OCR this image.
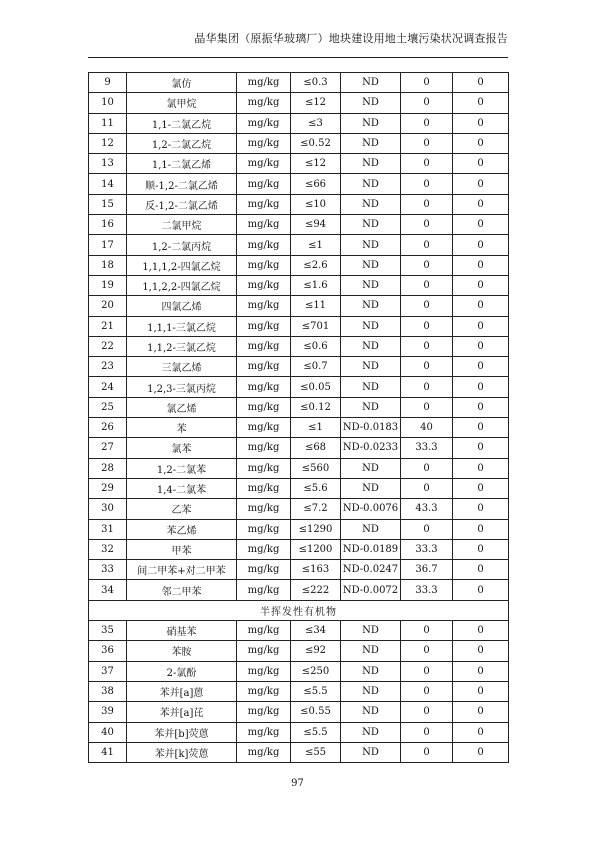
晶华集团（原振华玻璃厂）地块建设用地土壤污染状况调查报告
9	氯仿	mg/kg	≤0.3	ND	0	0
10	氯甲烷	mg/kg	≤12	ND	0	0
11	1,1-二氯乙烷	mg/kg	≤3	ND	0	0
12	1,2-二氯乙烷	mg/kg	≤0.52	ND	0	0
13	1,1-二氯乙烯	mg/kg	≤12	ND	0	0
14	顺-1,2-二氯乙烯	mg/kg	≤66	ND	0	0
15	反-1,2-二氯乙烯	mg/kg	≤10	ND	0	0
16	二氯甲烷	mg/kg	≤94	ND	0	0
17	1,2-二氯丙烷	mg/kg	≤1	ND	0	0
18	1,1,1,2-四氯乙烷	mg/kg	≤2.6	ND	0	0
19	1,1,2,2-四氯乙烷	mg/kg	≤1.6	ND	0	0
20	四氯乙烯	mg/kg	≤11	ND	0	0
21	1,1,1-三氯乙烷	mg/kg	≤701	ND	0	0
22	1,1,2-三氯乙烷	mg/kg	≤0.6	ND	0	0
23	三氯乙烯	mg/kg	≤0.7	ND	0	0
24	1,2,3-三氯丙烷	mg/kg	≤0.05	ND	0	0
25	氯乙烯	mg/kg	≤0.12	ND	0	0
26	苯	mg/kg	≤1	ND-0.0183	40	0
27	氯苯	mg/kg	≤68	ND-0.0233	33.3	0
28	1,2-二氯苯	mg/kg	≤560	ND	0	0
29	1,4-二氯苯	mg/kg	≤5.6	ND	0	0
30	乙苯	mg/kg	≤7.2	ND-0.0076	43.3	0
31	苯乙烯	mg/kg	≤1290	ND	0	0
32	甲苯	mg/kg	≤1200	ND-0.0189	33.3	0
33	间二甲苯+对二甲苯	mg/kg	≤163	ND-0.0247	36.7	0
34	邻二甲苯	mg/kg	≤222	ND-0.0072	33.3	0
半挥发性有机物						
35	硝基苯	mg/kg	≤34	ND	0	0
36	苯胺	mg/kg	≤92	ND	0	0
37	2-氯酚	mg/kg	≤250	ND	0	0
38	苯并[a]蒽	mg/kg	≤5.5	ND	0	0
39	苯并[a]芘	mg/kg	≤0.55	ND	0	0
40	苯并[b]荧蒽	mg/kg	≤5.5	ND	0	0
41	苯并[k]荧蒽	mg/kg	≤55	ND	0	0
97
